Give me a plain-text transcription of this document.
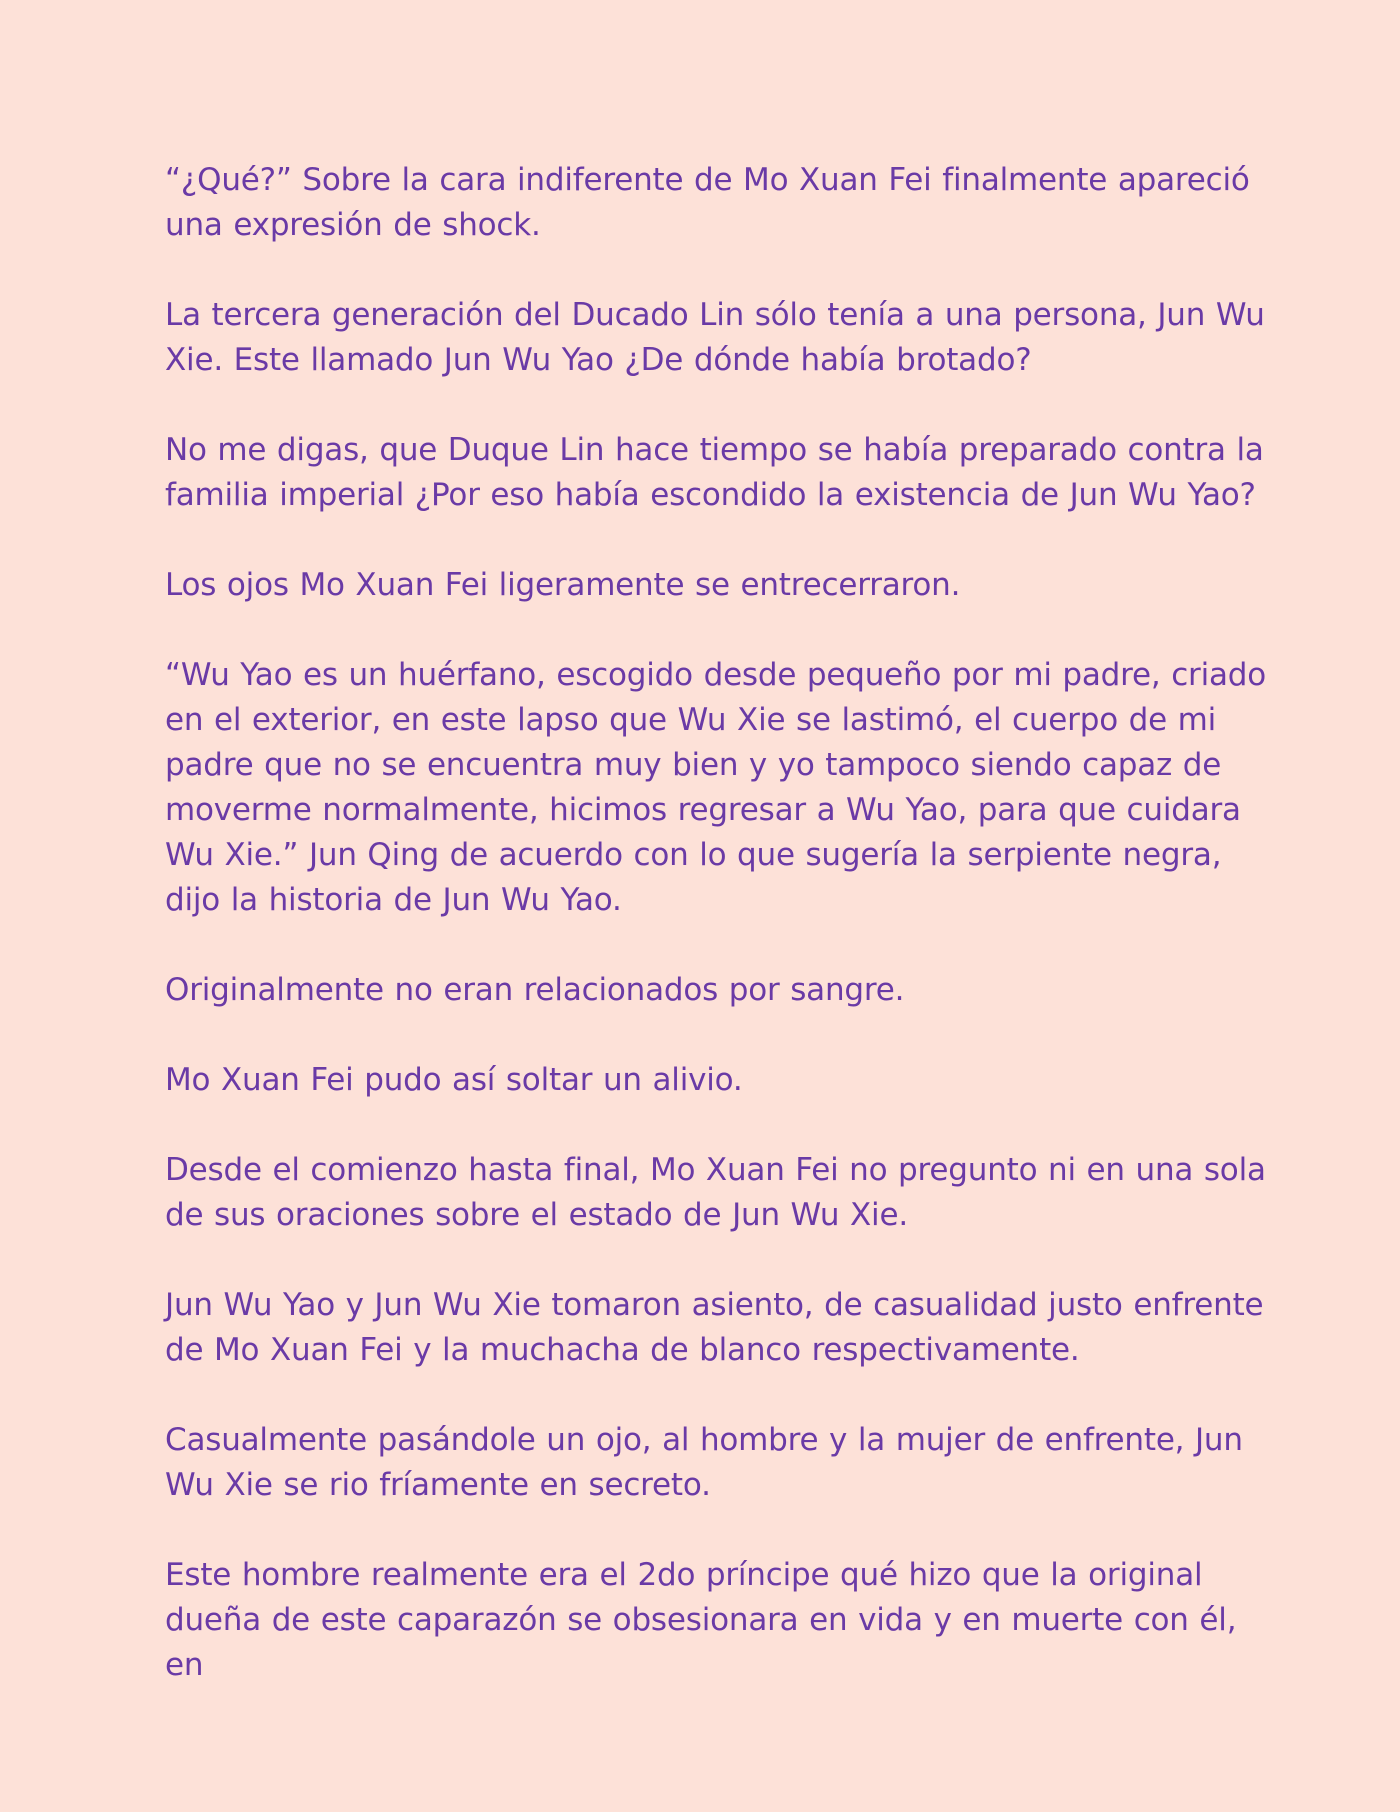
“¿Qué?” Sobre la cara indiferente de Mo Xuan Fei finalmente apareció una expresión de shock.

La tercera generación del Ducado Lin sólo tenía a una persona, Jun Wu Xie. Este llamado Jun Wu Yao ¿De dónde había brotado?

No me digas, que Duque Lin hace tiempo se había preparado contra la familia imperial ¿Por eso había escondido la existencia de Jun Wu Yao?

Los ojos Mo Xuan Fei ligeramente se entrecerraron.

“Wu Yao es un huérfano, escogido desde pequeño por mi padre, criado en el exterior, en este lapso que Wu Xie se lastimó, el cuerpo de mi padre que no se encuentra muy bien y yo tampoco siendo capaz de moverme normalmente, hicimos regresar a Wu Yao, para que cuidara Wu Xie.” Jun Qing de acuerdo con lo que sugería la serpiente negra, dijo la historia de Jun Wu Yao.

Originalmente no eran relacionados por sangre.

Mo Xuan Fei pudo así soltar un alivio.

Desde el comienzo hasta final, Mo Xuan Fei no pregunto ni en una sola de sus oraciones sobre el estado de Jun Wu Xie.

Jun Wu Yao y Jun Wu Xie tomaron asiento, de casualidad justo enfrente de Mo Xuan Fei y la muchacha de blanco respectivamente.

Casualmente pasándole un ojo, al hombre y la mujer de enfrente, Jun Wu Xie se rio fríamente en secreto.

Este hombre realmente era el 2do príncipe qué hizo que la original dueña de este caparazón se obsesionara en vida y en muerte con él, en
